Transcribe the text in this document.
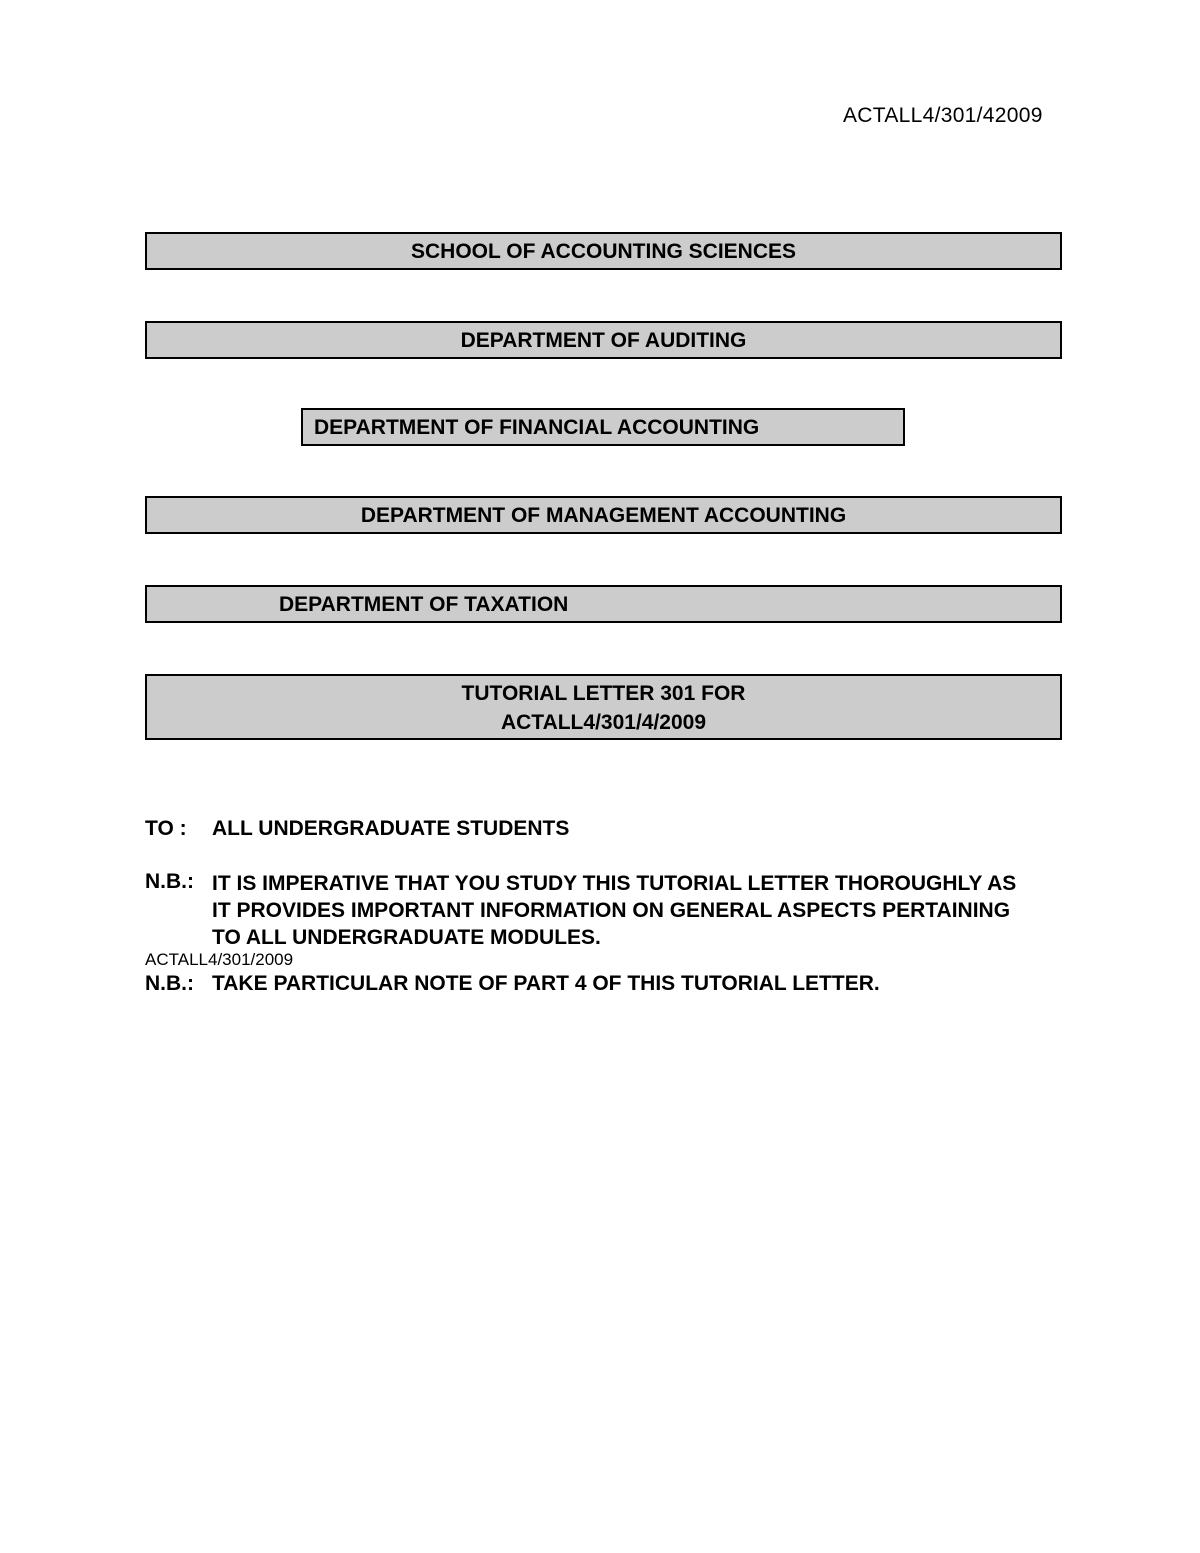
ACTALL4/301/42009
SCHOOL OF ACCOUNTING SCIENCES
DEPARTMENT OF AUDITING
DEPARTMENT OF FINANCIAL ACCOUNTING
DEPARTMENT OF MANAGEMENT ACCOUNTING
DEPARTMENT OF TAXATION
TUTORIAL LETTER 301 FOR
ACTALL4/301/4/2009
TO : ALL UNDERGRADUATE STUDENTS
N.B.: IT IS IMPERATIVE THAT YOU STUDY THIS TUTORIAL LETTER THOROUGHLY AS
IT PROVIDES IMPORTANT INFORMATION ON GENERAL ASPECTS PERTAINING
TO ALL UNDERGRADUATE MODULES.
ACTALL4/301/2009
N.B.: TAKE PARTICULAR NOTE OF PART 4 OF THIS TUTORIAL LETTER.
